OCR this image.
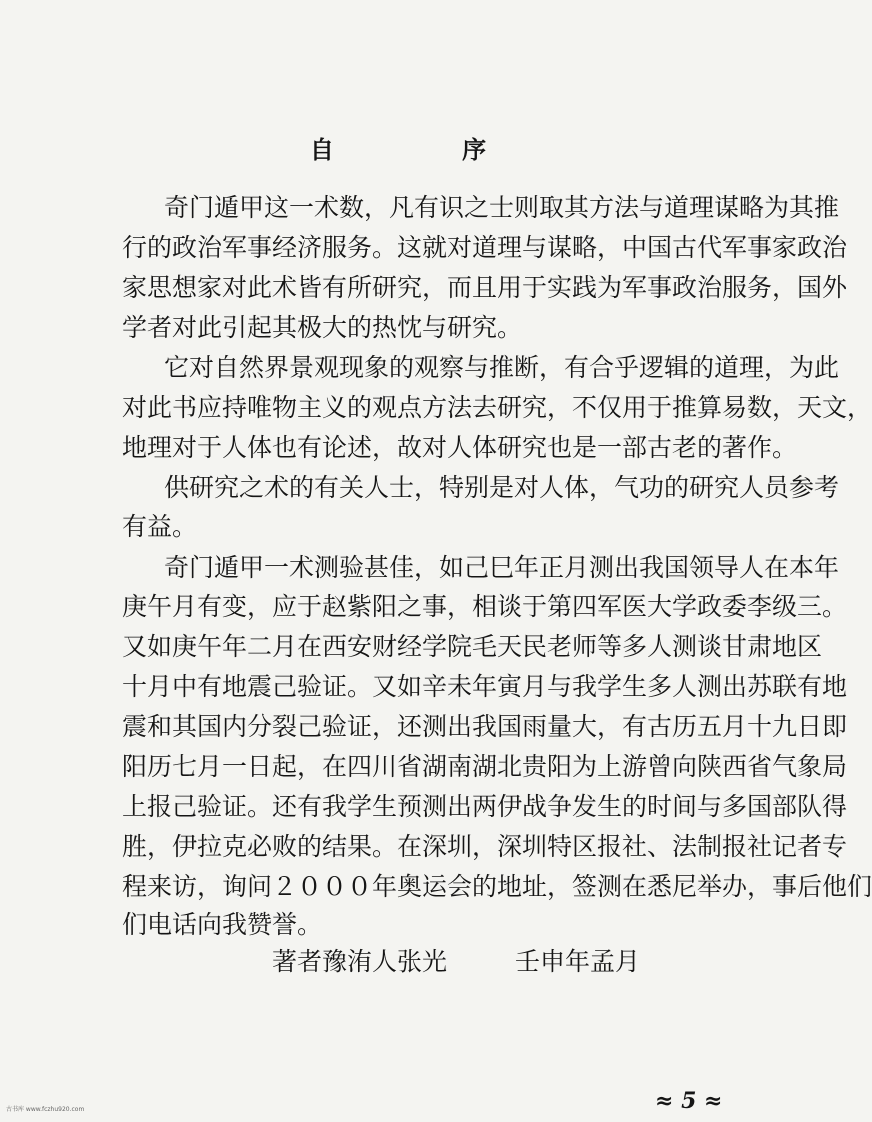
自 序
奇门遁甲这一术数，凡有识之士则取其方法与道理谋略为其推
行的政治军事经济服务。这就对道理与谋略，中国古代军事家政治
家思想家对此术皆有所研究，而且用于实践为军事政治服务，国外
学者对此引起其极大的热忱与研究。
它对自然界景观现象的观察与推断，有合乎逻辑的道理，为此
对此书应持唯物主义的观点方法去研究，不仅用于推算易数，天文，
地理对于人体也有论述，故对人体研究也是一部古老的著作。
供研究之术的有关人士，特别是对人体，气功的研究人员参考
有益。
奇门遁甲一术测验甚佳，如己巳年正月测出我国领导人在本年
庚午月有变，应于赵紫阳之事，相谈于第四军医大学政委李级三。
又如庚午年二月在西安财经学院毛天民老师等多人测谈甘肃地区
十月中有地震己验证。又如辛未年寅月与我学生多人测出苏联有地
震和其国内分裂己验证，还测出我国雨量大，有古历五月十九日即
阳历七月一日起，在四川省湖南湖北贵阳为上游曾向陕西省气象局
上报己验证。还有我学生预测出两伊战争发生的时间与多国部队得
胜，伊拉克必败的结果。在深圳，深圳特区报社、法制报社记者专
程来访，询问２０００年奥运会的地址，签测在悉尼举办，事后他们
们电话向我赞誉。
著者豫洧人张光	壬申年孟月
古书库 www.fczhu920.com	≈ 5 ≈
